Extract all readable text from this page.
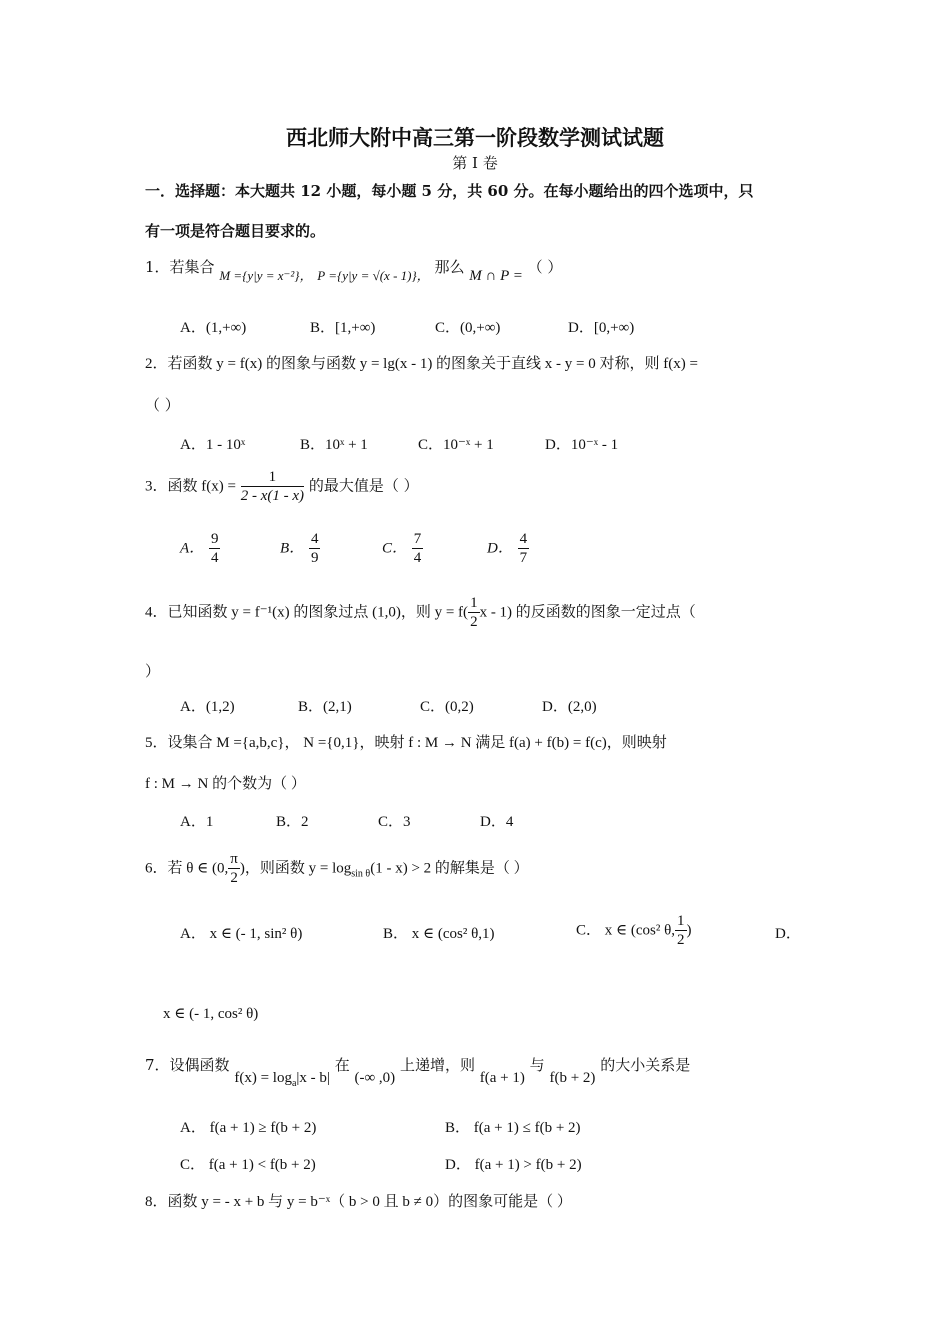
西北师大附中高三第一阶段数学测试试题
第 I 卷
一．选择题：本大题共 12 小题，每小题 5 分，共 60 分。在每小题给出的四个选项中，只
有一项是符合题目要求的。
1．若集合 M ={y|y = x⁻²}， P ={y|y = √(x - 1)}， 那么 M ∩ P = （ ）
A．(1,+∞)	B．[1,+∞)	C．(0,+∞)	D．[0,+∞)
2．若函数 y = f(x) 的图象与函数 y = lg(x - 1) 的图象关于直线 x - y = 0 对称，则 f(x) =
（ ）
A．1 - 10ˣ	B．10ˣ + 1	C．10⁻ˣ + 1	D．10⁻ˣ - 1
3．函数 $f(x) = \frac{1}{2 - x(1 - x)}$ 的最大值是（ ）
A． $\frac{9}{4}$	B． $\frac{4}{9}$	C． $\frac{7}{4}$	D． $\frac{4}{7}$
4．已知函数 y = f⁻¹(x) 的图象过点 (1,0)，则 $y = f( \frac{1}{2}$ x - 1) 的反函数的图象一定过点（
）
A．(1,2)	B．(2,1)	C．(0,2)	D．(2,0)
5．设集合 M ={a,b,c}， N ={0,1}，映射 f : M → N 满足 f(a) + f(b) = f(c)，则映射
f : M → N 的个数为（ ）
A．1	B．2	C．3	D．4
6．若 θ ∈ (0, $\frac{\pi}{2}$ )，则函数 $y = \log_{sin \theta}(1 - x) > 2$ 的解集是（ ）
A． x ∈ (- 1, sin² θ)	B． x ∈ (cos² θ,1)	C． x ∈ (cos² θ, $\frac{1}{2}$ )	D．
x ∈ (- 1, cos² θ)
7．设偶函数 $f(x) = \log_a|x - b|$ 在 (-∞ ,0) 上递增，则 f(a + 1) 与 f(b + 2) 的大小关系是
A． f(a + 1) ≥ f(b + 2)	B． f(a + 1) ≤ f(b + 2)
C． f(a + 1) < f(b + 2)	D． f(a + 1) > f(b + 2)
8．函数 y = - x + b 与 y = b⁻ˣ（ b > 0 且 b ≠ 0）的图象可能是（ ）
